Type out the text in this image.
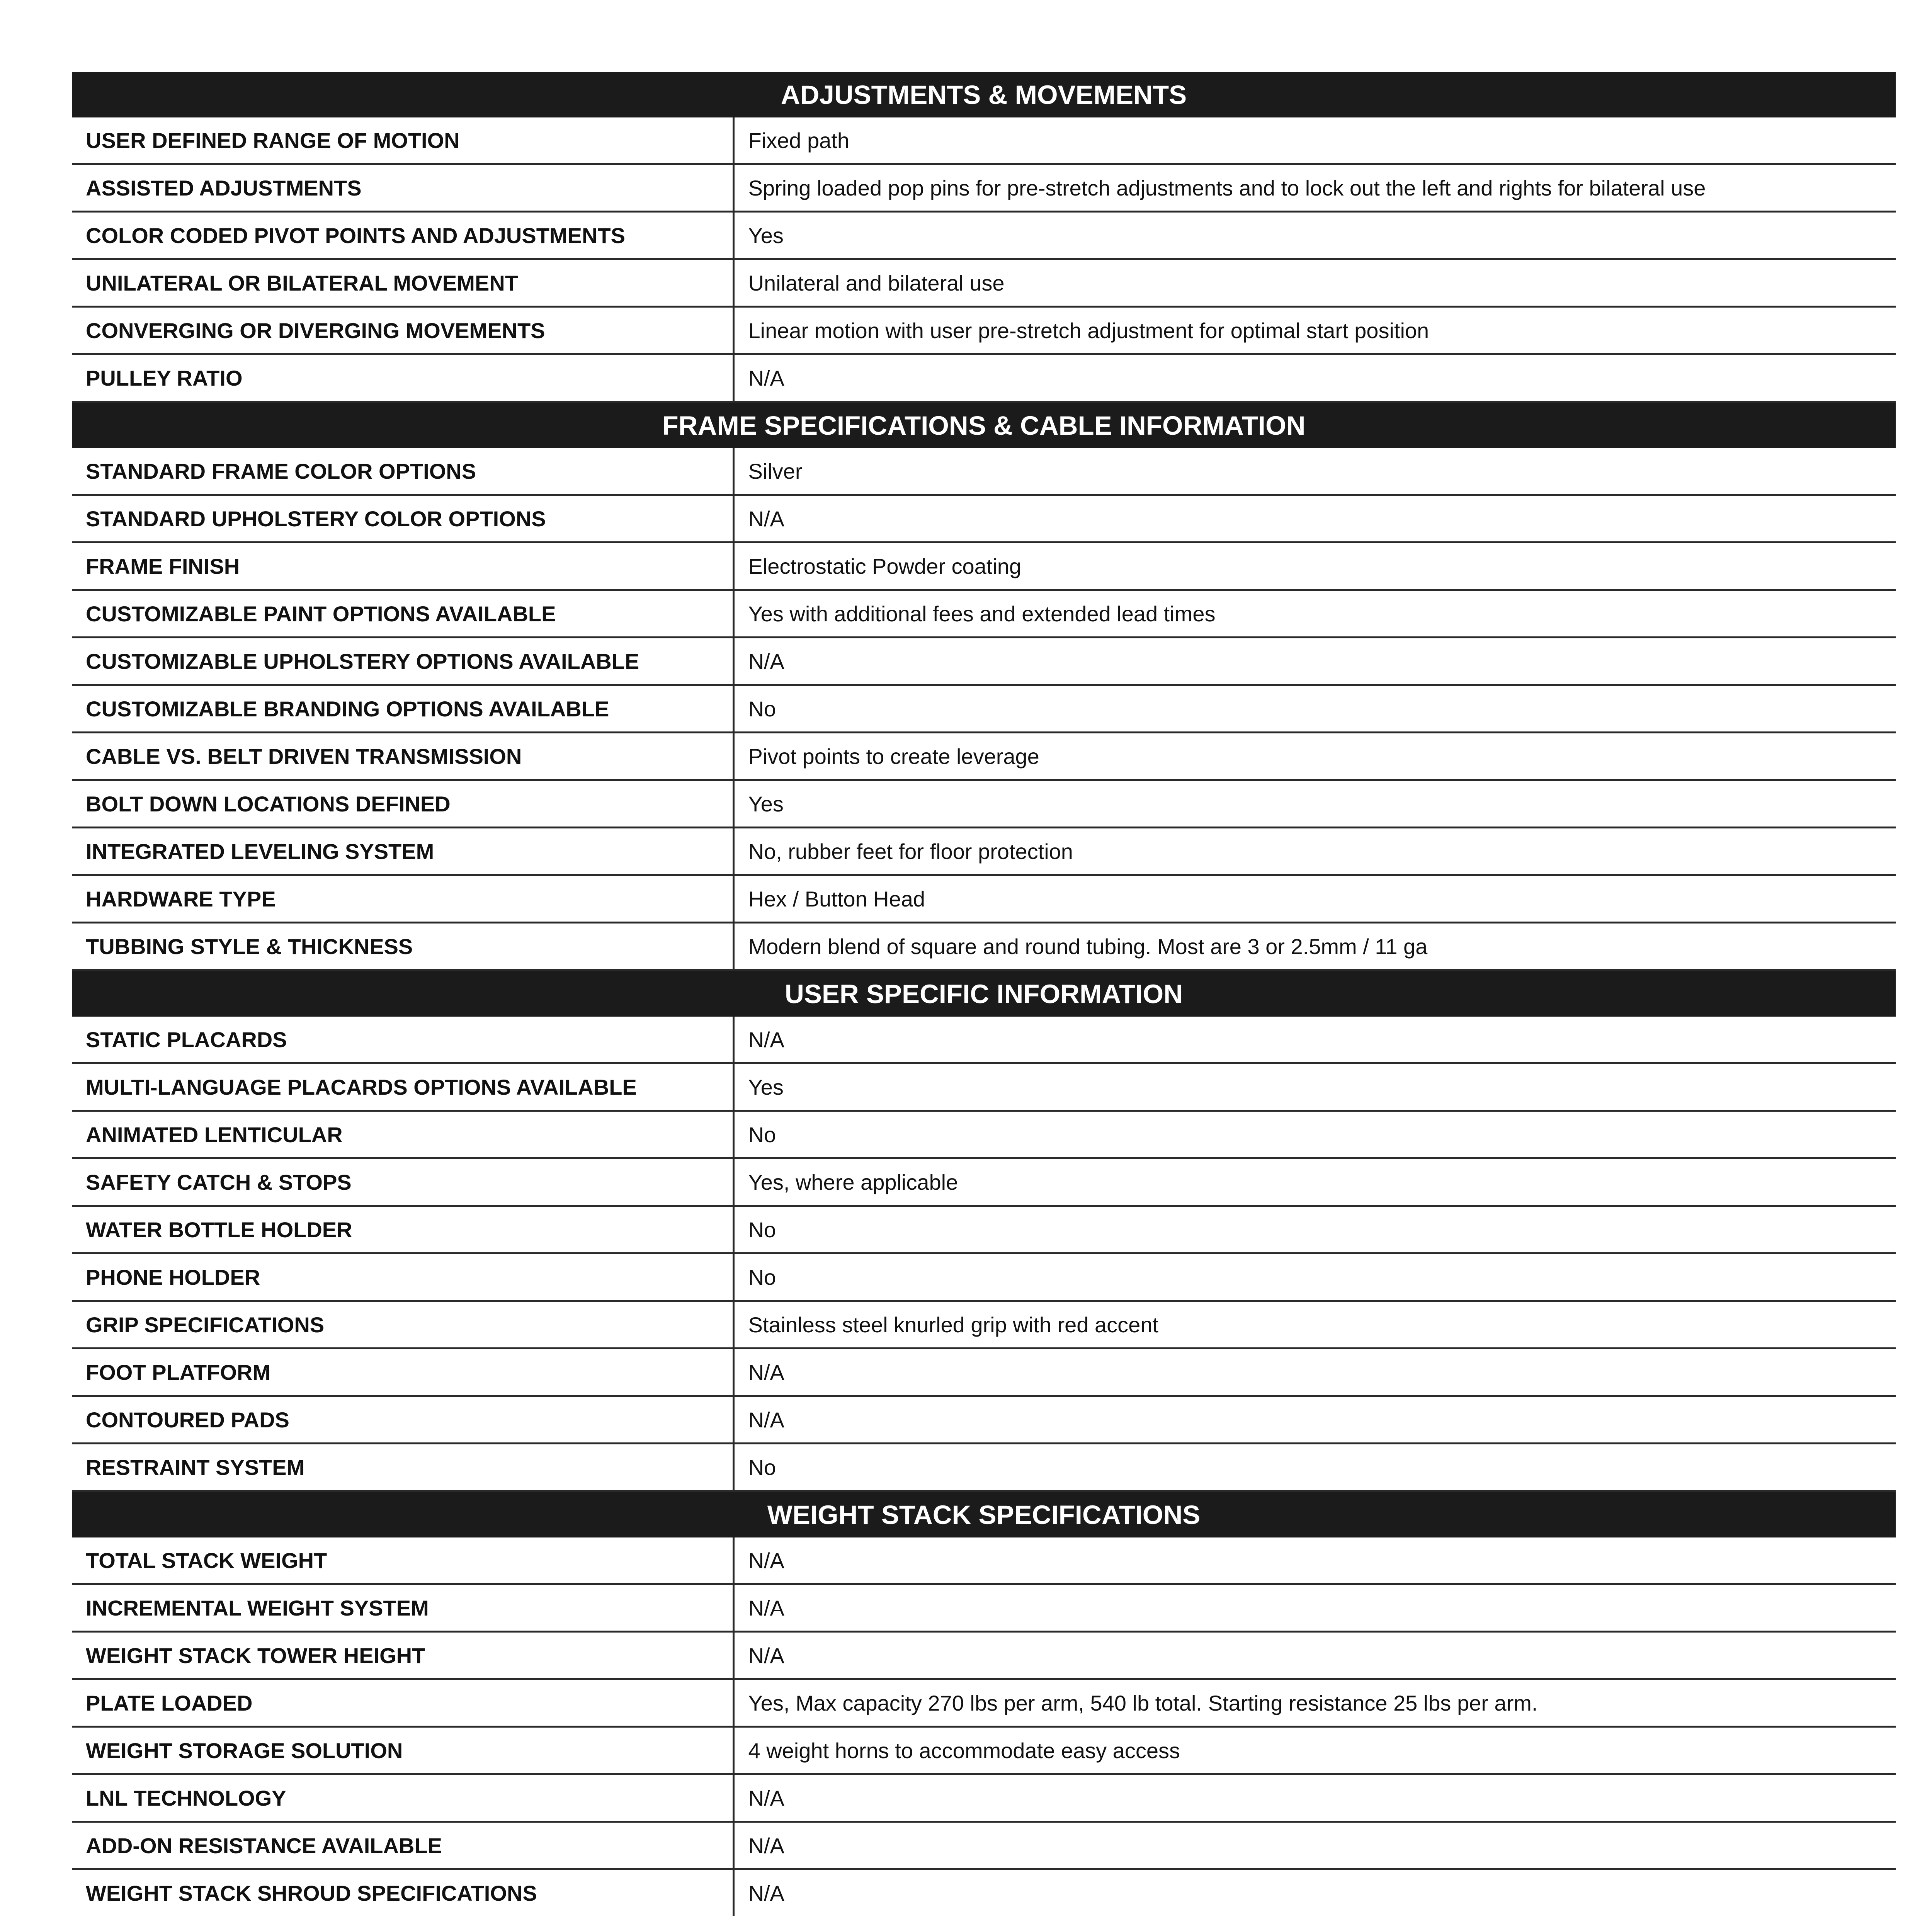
ADJUSTMENTS & MOVEMENTS	
USER DEFINED RANGE OF MOTION	Fixed path
ASSISTED ADJUSTMENTS	Spring loaded pop pins for pre-stretch adjustments and to lock out the left and rights for bilateral use
COLOR CODED PIVOT POINTS AND ADJUSTMENTS	Yes
UNILATERAL OR BILATERAL MOVEMENT	Unilateral and bilateral use
CONVERGING OR DIVERGING MOVEMENTS	Linear motion with user pre-stretch adjustment for optimal start position
PULLEY RATIO	N/A
FRAME SPECIFICATIONS & CABLE INFORMATION	
STANDARD FRAME COLOR OPTIONS	Silver
STANDARD UPHOLSTERY COLOR OPTIONS	N/A
FRAME FINISH	Electrostatic Powder coating
CUSTOMIZABLE PAINT OPTIONS AVAILABLE	Yes with additional fees and extended lead times
CUSTOMIZABLE UPHOLSTERY OPTIONS AVAILABLE	N/A
CUSTOMIZABLE BRANDING OPTIONS AVAILABLE	No
CABLE VS. BELT DRIVEN TRANSMISSION	Pivot points to create leverage
BOLT DOWN LOCATIONS DEFINED	Yes
INTEGRATED LEVELING SYSTEM	No, rubber feet for floor protection
HARDWARE TYPE	Hex / Button Head
TUBBING STYLE & THICKNESS	Modern blend of square and round tubing. Most are 3 or 2.5mm / 11 ga
USER SPECIFIC INFORMATION	
STATIC PLACARDS	N/A
MULTI-LANGUAGE PLACARDS OPTIONS AVAILABLE	Yes
ANIMATED LENTICULAR	No
SAFETY CATCH & STOPS	Yes, where applicable
WATER BOTTLE HOLDER	No
PHONE HOLDER	No
GRIP SPECIFICATIONS	Stainless steel knurled grip with red accent
FOOT PLATFORM	N/A
CONTOURED PADS	N/A
RESTRAINT SYSTEM	No
WEIGHT STACK SPECIFICATIONS	
TOTAL STACK WEIGHT	N/A
INCREMENTAL WEIGHT SYSTEM	N/A
WEIGHT STACK TOWER HEIGHT	N/A
PLATE LOADED	Yes, Max capacity 270 lbs per arm, 540 lb total. Starting resistance 25 lbs per arm.
WEIGHT STORAGE SOLUTION	4 weight horns to accommodate easy access
LNL TECHNOLOGY	N/A
ADD-ON RESISTANCE AVAILABLE	N/A
WEIGHT STACK SHROUD SPECIFICATIONS	N/A
